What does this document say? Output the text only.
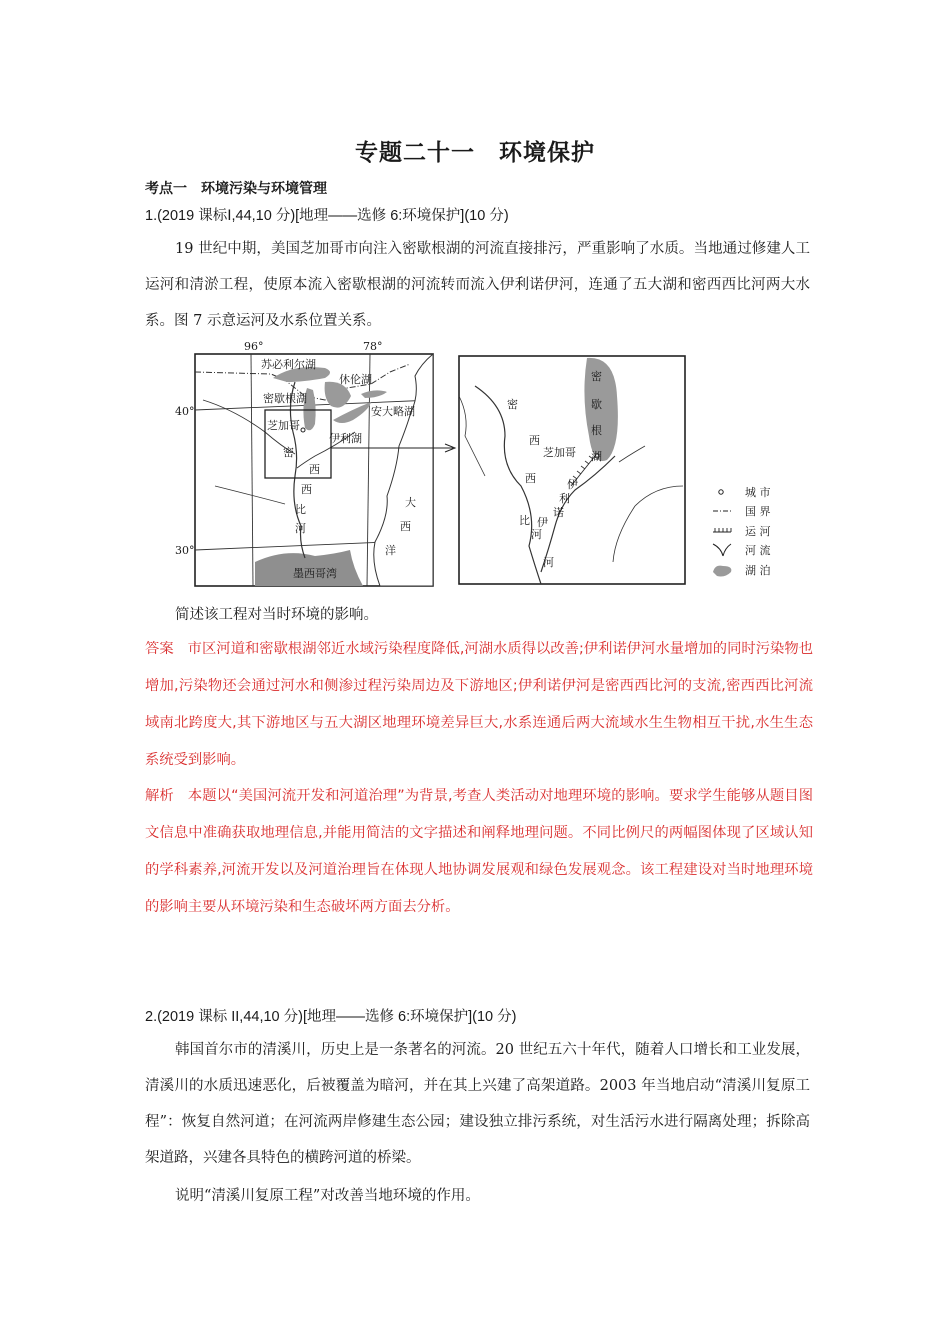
专题二十一　环境保护
考点一　环境污染与环境管理
1.(2019 课标Ⅰ,44,10 分)[地理——选修 6:环境保护](10 分)

19 世纪中期，美国芝加哥市向注入密歇根湖的河流直接排污，严重影响了水质。当地通过修建人工运河和清淤工程，使原本流入密歇根湖的河流转而流入伊利诺伊河，连通了五大湖和密西西比河两大水系。图 7 示意运河及水系位置关系。

96°	78°
40°
30°
苏必利尔湖
休伦湖
密歇根湖
安大略湖
芝加哥
伊利湖
密
西
西
比
河
大
西
洋
墨西哥湾
密
歇
根
湖
芝加哥
密
西
西
比
河
伊
利
诺
伊
河
城 市
国 界
运 河
河 流
湖 泊

简述该工程对当时环境的影响。

答案 市区河道和密歇根湖邻近水域污染程度降低,河湖水质得以改善;伊利诺伊河水量增加的同时污染物也增加,污染物还会通过河水和侧渗过程污染周边及下游地区;伊利诺伊河是密西西比河的支流,密西西比河流域南北跨度大,其下游地区与五大湖区地理环境差异巨大,水系连通后两大流域水生生物相互干扰,水生生态系统受到影响。

解析 本题以“美国河流开发和河道治理”为背景,考查人类活动对地理环境的影响。要求学生能够从题目图文信息中准确获取地理信息,并能用简洁的文字描述和阐释地理问题。不同比例尺的两幅图体现了区域认知的学科素养,河流开发以及河道治理旨在体现人地协调发展观和绿色发展观念。该工程建设对当时地理环境的影响主要从环境污染和生态破坏两方面去分析。

2.(2019 课标 II,44,10 分)[地理——选修 6:环境保护](10 分)

韩国首尔市的清溪川，历史上是一条著名的河流。20 世纪五六十年代，随着人口增长和工业发展，清溪川的水质迅速恶化，后被覆盖为暗河，并在其上兴建了高架道路。2003 年当地启动“清溪川复原工程”：恢复自然河道；在河流两岸修建生态公园；建设独立排污系统，对生活污水进行隔离处理；拆除高架道路，兴建各具特色的横跨河道的桥梁。

说明“清溪川复原工程”对改善当地环境的作用。
